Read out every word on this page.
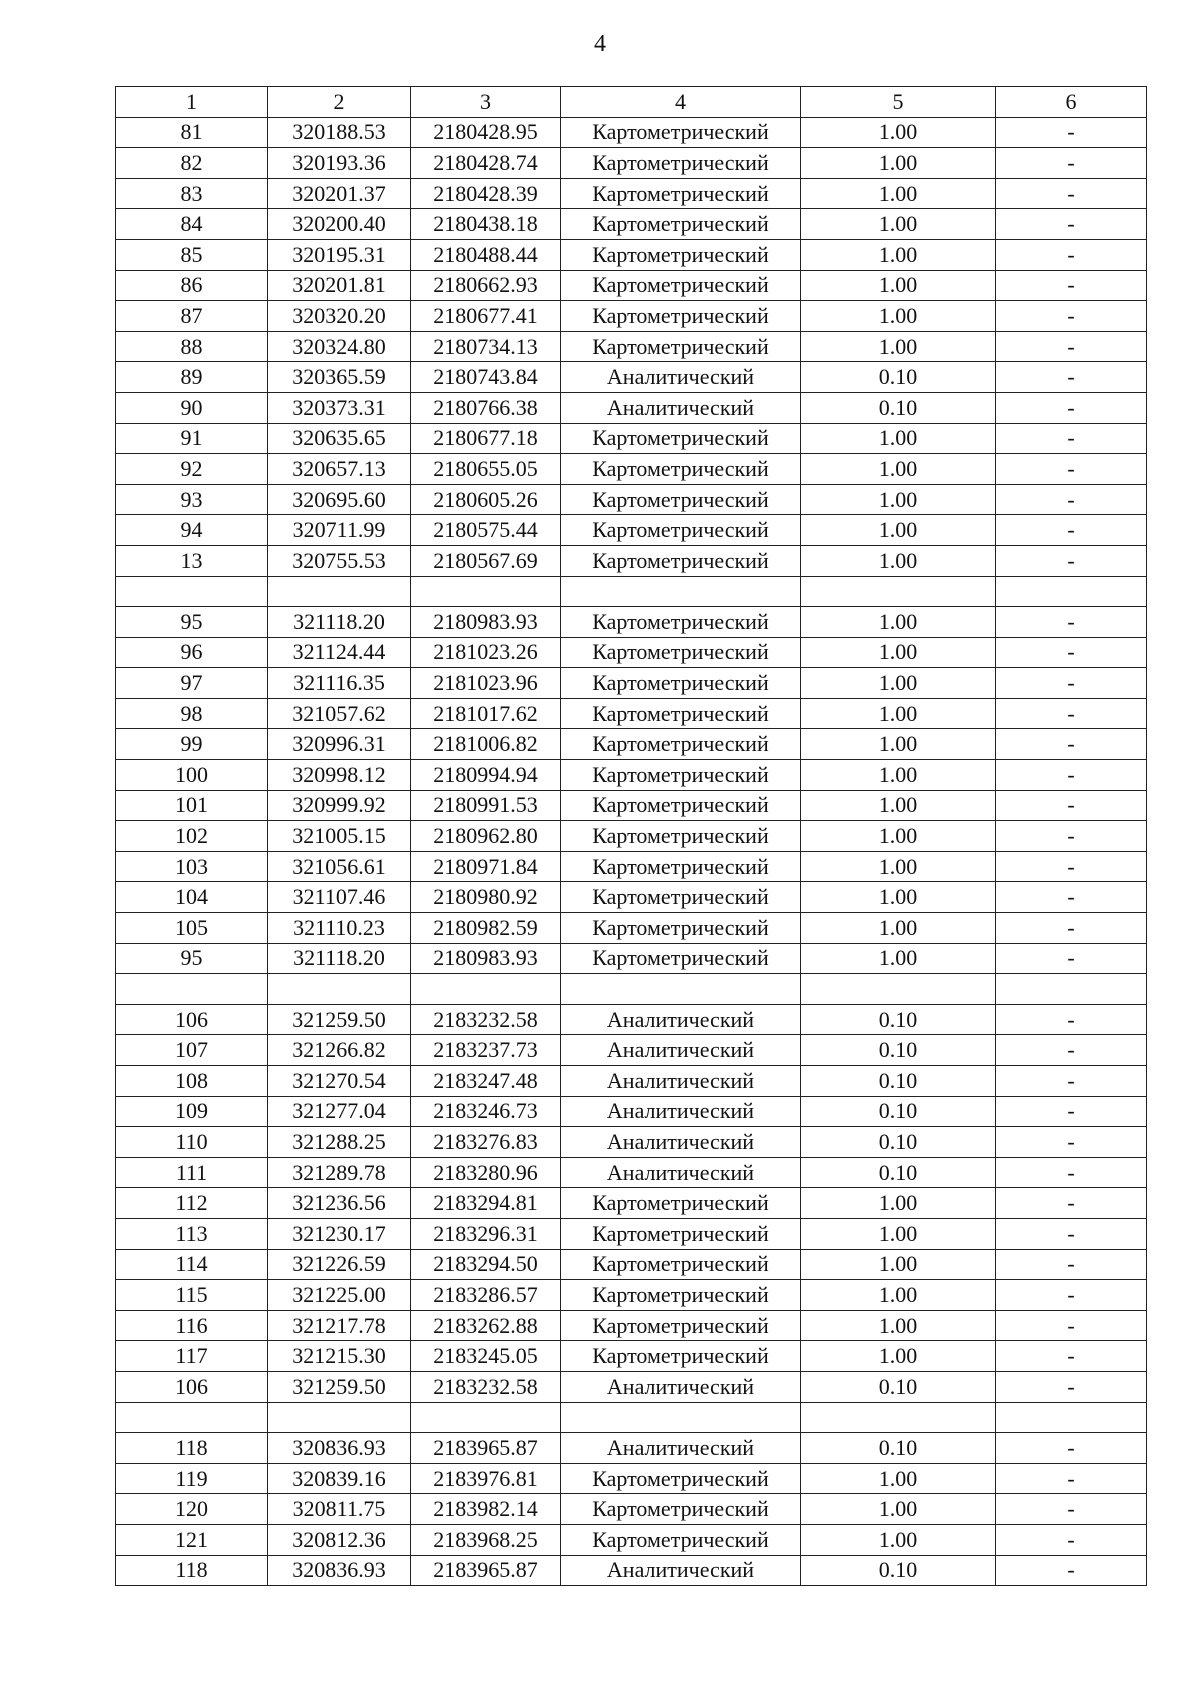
4
1	2	3	4	5	6
81	320188.53	2180428.95	Картометрический	1.00	-
82	320193.36	2180428.74	Картометрический	1.00	-
83	320201.37	2180428.39	Картометрический	1.00	-
84	320200.40	2180438.18	Картометрический	1.00	-
85	320195.31	2180488.44	Картометрический	1.00	-
86	320201.81	2180662.93	Картометрический	1.00	-
87	320320.20	2180677.41	Картометрический	1.00	-
88	320324.80	2180734.13	Картометрический	1.00	-
89	320365.59	2180743.84	Аналитический	0.10	-
90	320373.31	2180766.38	Аналитический	0.10	-
91	320635.65	2180677.18	Картометрический	1.00	-
92	320657.13	2180655.05	Картометрический	1.00	-
93	320695.60	2180605.26	Картометрический	1.00	-
94	320711.99	2180575.44	Картометрический	1.00	-
13	320755.53	2180567.69	Картометрический	1.00	-

95	321118.20	2180983.93	Картометрический	1.00	-
96	321124.44	2181023.26	Картометрический	1.00	-
97	321116.35	2181023.96	Картометрический	1.00	-
98	321057.62	2181017.62	Картометрический	1.00	-
99	320996.31	2181006.82	Картометрический	1.00	-
100	320998.12	2180994.94	Картометрический	1.00	-
101	320999.92	2180991.53	Картометрический	1.00	-
102	321005.15	2180962.80	Картометрический	1.00	-
103	321056.61	2180971.84	Картометрический	1.00	-
104	321107.46	2180980.92	Картометрический	1.00	-
105	321110.23	2180982.59	Картометрический	1.00	-
95	321118.20	2180983.93	Картометрический	1.00	-

106	321259.50	2183232.58	Аналитический	0.10	-
107	321266.82	2183237.73	Аналитический	0.10	-
108	321270.54	2183247.48	Аналитический	0.10	-
109	321277.04	2183246.73	Аналитический	0.10	-
110	321288.25	2183276.83	Аналитический	0.10	-
111	321289.78	2183280.96	Аналитический	0.10	-
112	321236.56	2183294.81	Картометрический	1.00	-
113	321230.17	2183296.31	Картометрический	1.00	-
114	321226.59	2183294.50	Картометрический	1.00	-
115	321225.00	2183286.57	Картометрический	1.00	-
116	321217.78	2183262.88	Картометрический	1.00	-
117	321215.30	2183245.05	Картометрический	1.00	-
106	321259.50	2183232.58	Аналитический	0.10	-

118	320836.93	2183965.87	Аналитический	0.10	-
119	320839.16	2183976.81	Картометрический	1.00	-
120	320811.75	2183982.14	Картометрический	1.00	-
121	320812.36	2183968.25	Картометрический	1.00	-
118	320836.93	2183965.87	Аналитический	0.10	-
